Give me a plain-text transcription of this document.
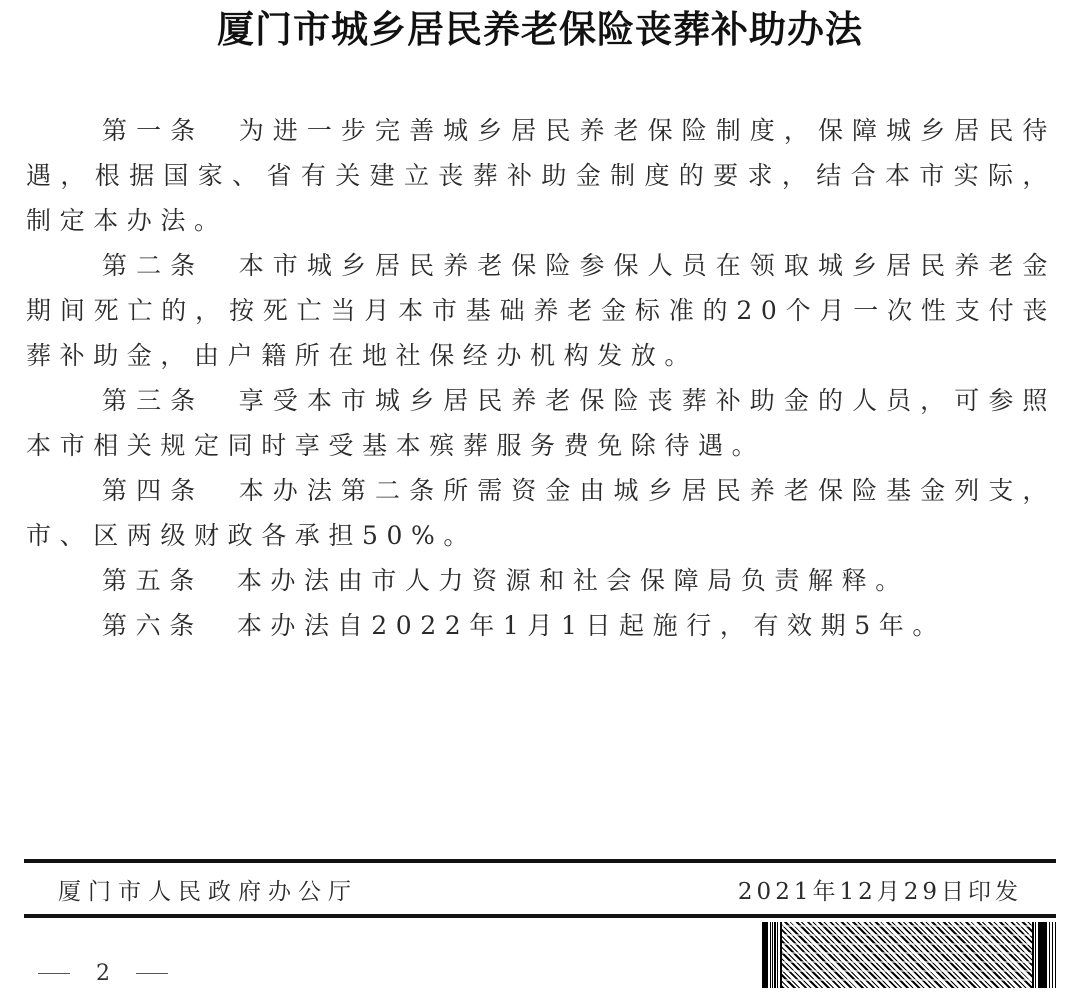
厦门市城乡居民养老保险丧葬补助办法

第一条 为进一步完善城乡居民养老保险制度，保障城乡居民待遇，根据国家、省有关建立丧葬补助金制度的要求，结合本市实际，制定本办法。

第二条 本市城乡居民养老保险参保人员在领取城乡居民养老金期间死亡的，按死亡当月本市基础养老金标准的20个月一次性支付丧葬补助金，由户籍所在地社保经办机构发放。

第三条 享受本市城乡居民养老保险丧葬补助金的人员，可参照本市相关规定同时享受基本殡葬服务费免除待遇。

第四条 本办法第二条所需资金由城乡居民养老保险基金列支，市、区两级财政各承担50%。

第五条 本办法由市人力资源和社会保障局负责解释。

第六条 本办法自2022年1月1日起施行，有效期5年。

厦门市人民政府办公厅	2021年12月29日印发
2
